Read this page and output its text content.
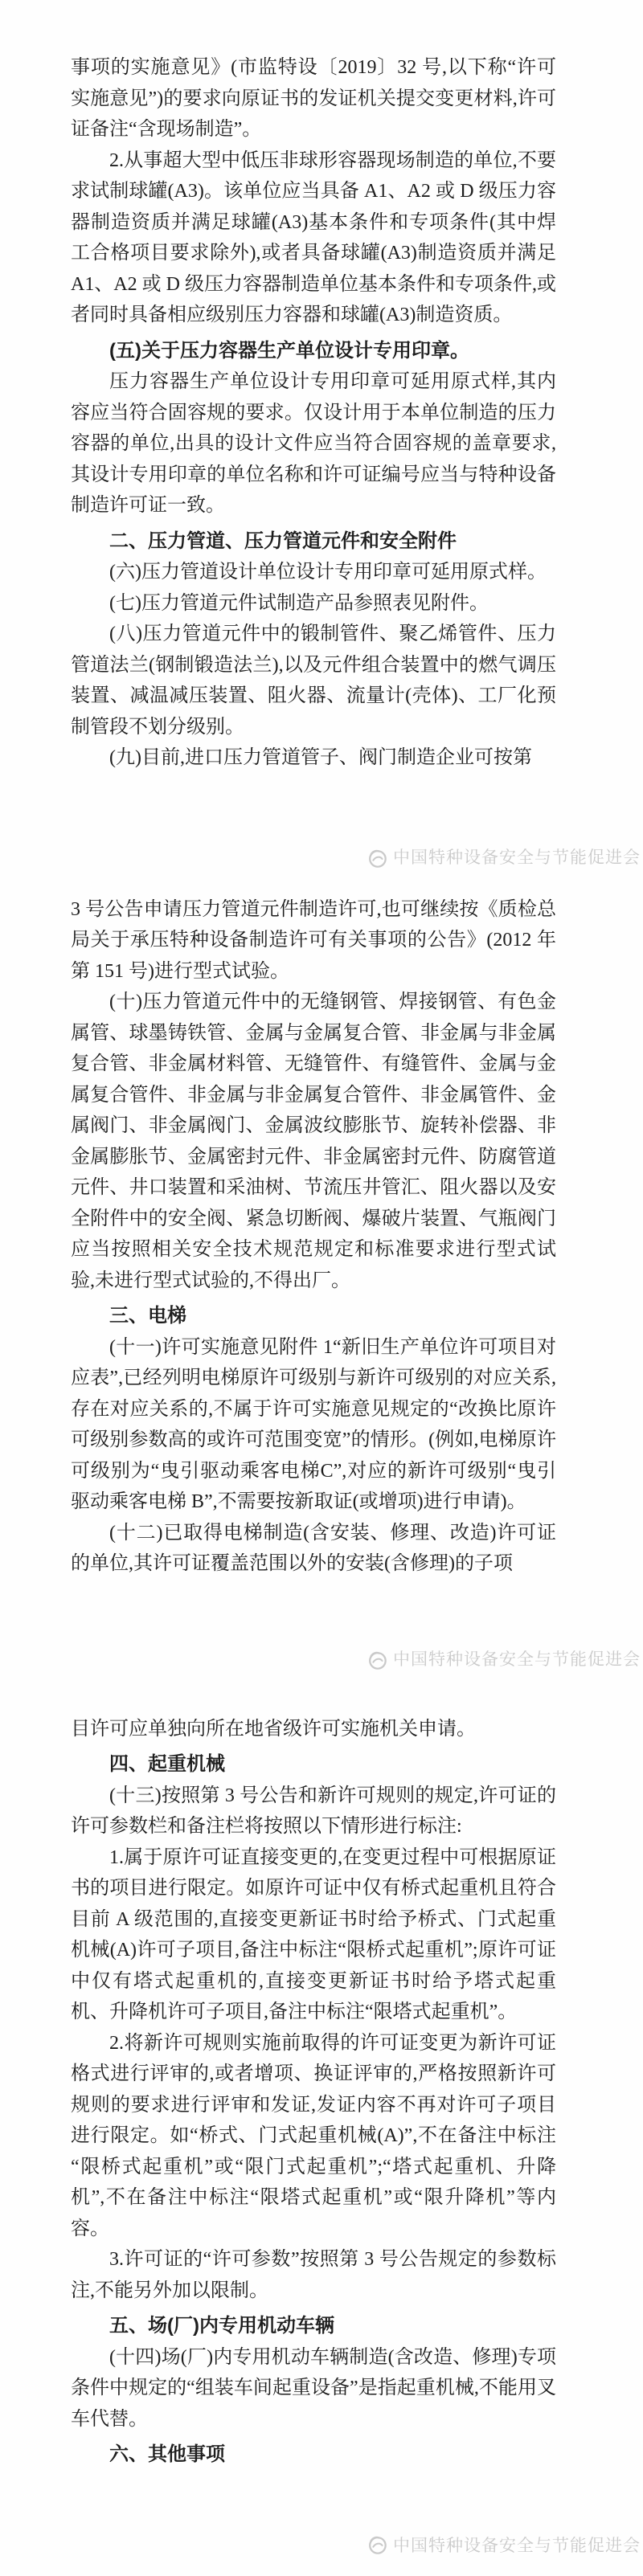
事项的实施意见》(市监特设〔2019〕32 号,以下称“许可实施意见”)的要求向原证书的发证机关提交变更材料,许可证备注“含现场制造”。

2.从事超大型中低压非球形容器现场制造的单位,不要求试制球罐(A3)。该单位应当具备 A1、A2 或 D 级压力容器制造资质并满足球罐(A3)基本条件和专项条件(其中焊工合格项目要求除外),或者具备球罐(A3)制造资质并满足 A1、A2 或 D 级压力容器制造单位基本条件和专项条件,或者同时具备相应级别压力容器和球罐(A3)制造资质。

(五)关于压力容器生产单位设计专用印章。

压力容器生产单位设计专用印章可延用原式样,其内容应当符合固容规的要求。仅设计用于本单位制造的压力容器的单位,出具的设计文件应当符合固容规的盖章要求,其设计专用印章的单位名称和许可证编号应当与特种设备制造许可证一致。

二、压力管道、压力管道元件和安全附件

(六)压力管道设计单位设计专用印章可延用原式样。

(七)压力管道元件试制造产品参照表见附件。

(八)压力管道元件中的锻制管件、聚乙烯管件、压力管道法兰(钢制锻造法兰),以及元件组合装置中的燃气调压装置、减温减压装置、阻火器、流量计(壳体)、工厂化预制管段不划分级别。

(九)目前,进口压力管道管子、阀门制造企业可按第

中国特种设备安全与节能促进会

3 号公告申请压力管道元件制造许可,也可继续按《质检总局关于承压特种设备制造许可有关事项的公告》(2012 年第 151 号)进行型式试验。

(十)压力管道元件中的无缝钢管、焊接钢管、有色金属管、球墨铸铁管、金属与金属复合管、非金属与非金属复合管、非金属材料管、无缝管件、有缝管件、金属与金属复合管件、非金属与非金属复合管件、非金属管件、金属阀门、非金属阀门、金属波纹膨胀节、旋转补偿器、非金属膨胀节、金属密封元件、非金属密封元件、防腐管道元件、井口装置和采油树、节流压井管汇、阻火器以及安全附件中的安全阀、紧急切断阀、爆破片装置、气瓶阀门应当按照相关安全技术规范规定和标准要求进行型式试验,未进行型式试验的,不得出厂。

三、电梯

(十一)许可实施意见附件 1“新旧生产单位许可项目对应表”,已经列明电梯原许可级别与新许可级别的对应关系,存在对应关系的,不属于许可实施意见规定的“改换比原许可级别参数高的或许可范围变宽”的情形。(例如,电梯原许可级别为“曳引驱动乘客电梯C”,对应的新许可级别“曳引驱动乘客电梯 B”,不需要按新取证(或增项)进行申请)。

(十二)已取得电梯制造(含安装、修理、改造)许可证的单位,其许可证覆盖范围以外的安装(含修理)的子项

中国特种设备安全与节能促进会

目许可应单独向所在地省级许可实施机关申请。

四、起重机械

(十三)按照第 3 号公告和新许可规则的规定,许可证的许可参数栏和备注栏将按照以下情形进行标注:

1.属于原许可证直接变更的,在变更过程中可根据原证书的项目进行限定。如原许可证中仅有桥式起重机且符合目前 A 级范围的,直接变更新证书时给予桥式、门式起重机械(A)许可子项目,备注中标注“限桥式起重机”;原许可证中仅有塔式起重机的,直接变更新证书时给予塔式起重机、升降机许可子项目,备注中标注“限塔式起重机”。

2.将新许可规则实施前取得的许可证变更为新许可证格式进行评审的,或者增项、换证评审的,严格按照新许可规则的要求进行评审和发证,发证内容不再对许可子项目进行限定。如“桥式、门式起重机械(A)”,不在备注中标注“限桥式起重机”或“限门式起重机”;“塔式起重机、升降机”,不在备注中标注“限塔式起重机”或“限升降机”等内容。

3.许可证的“许可参数”按照第 3 号公告规定的参数标注,不能另外加以限制。

五、场(厂)内专用机动车辆

(十四)场(厂)内专用机动车辆制造(含改造、修理)专项条件中规定的“组装车间起重设备”是指起重机械,不能用叉车代替。

六、其他事项
中国特种设备安全与节能促进会
